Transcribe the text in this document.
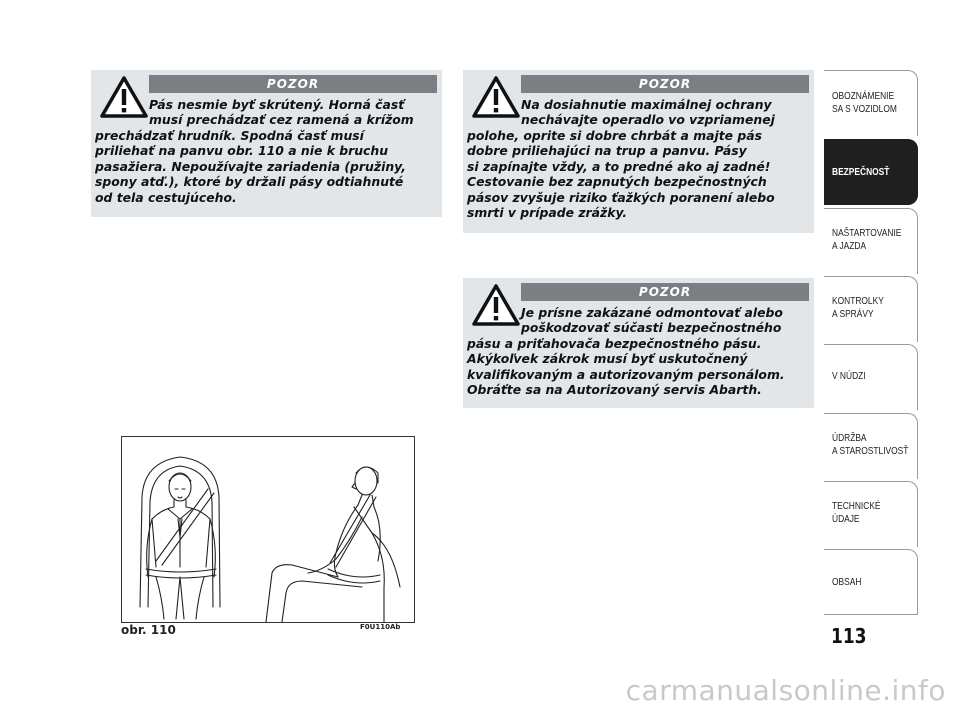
POZOR
Pás nesmie byť skrútený. Horná časť
musí prechádzať cez ramená a krížom
prechádzať hrudník. Spodná časť musí
priliehať na panvu obr. 110 a nie k bruchu
pasažiera. Nepoužívajte zariadenia (pružiny,
spony atď.), ktoré by držali pásy odtiahnuté
od tela cestujúceho.
POZOR
Na dosiahnutie maximálnej ochrany
nechávajte operadlo vo vzpriamenej
polohe, oprite si dobre chrbát a majte pás
dobre priliehajúci na trup a panvu. Pásy
si zapínajte vždy, a to predné ako aj zadné!
Cestovanie bez zapnutých bezpečnostných
pásov zvyšuje riziko ťažkých poranení alebo
smrti v prípade zrážky.
POZOR
Je prísne zakázané odmontovať alebo
poškodzovať súčasti bezpečnostného
pásu a priťahovača bezpečnostného pásu.
Akýkoľvek zákrok musí byť uskutočnený
kvalifikovaným a autorizovaným personálom.
Obráťte sa na Autorizovaný servis Abarth.
obr. 110	F0U110Ab
OBOZNÁMENIE
SA S VOZIDLOM
BEZPEČNOSŤ
NAŠTARTOVANIE
A JAZDA
KONTROLKY
A SPRÁVY
V NÚDZI
ÚDRŽBA
A STAROSTLIVOSŤ
TECHNICKÉ
ÚDAJE
OBSAH
113
carmanualsonline.info
